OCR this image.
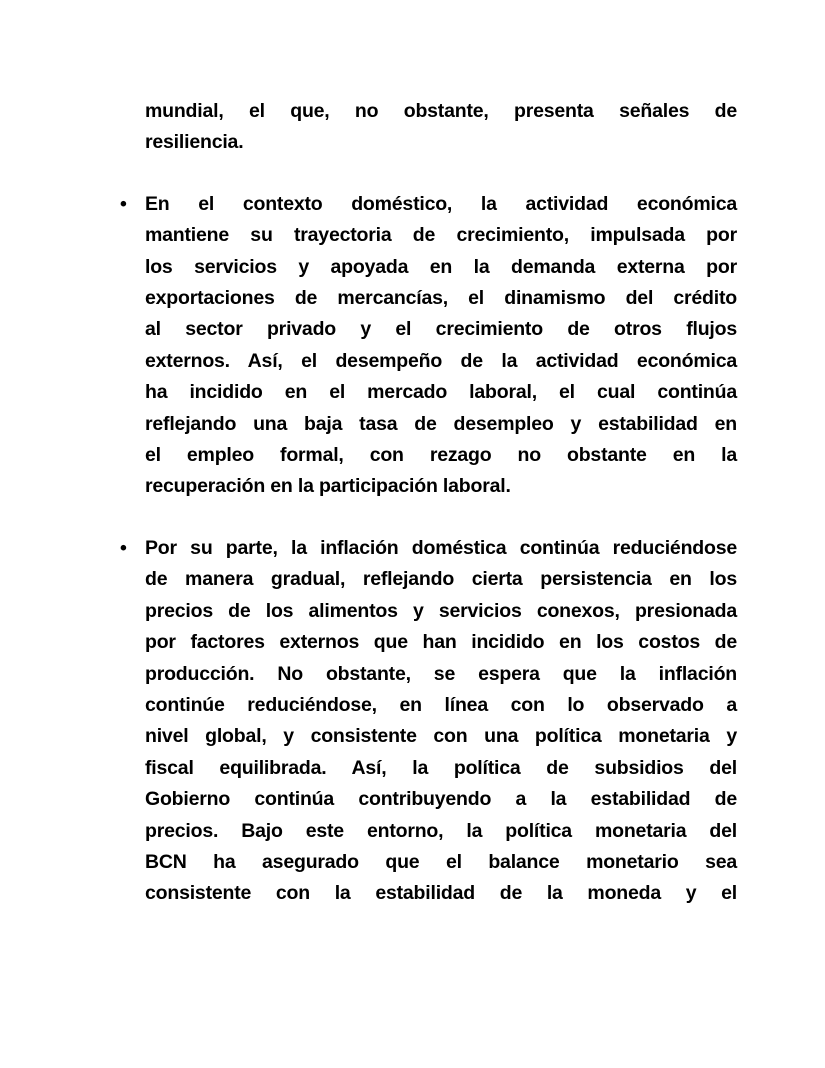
mundial, el que, no obstante, presenta señales de
resiliencia.
• En el contexto doméstico, la actividad económica
mantiene su trayectoria de crecimiento, impulsada por
los servicios y apoyada en la demanda externa por
exportaciones de mercancías, el dinamismo del crédito
al sector privado y el crecimiento de otros flujos
externos. Así, el desempeño de la actividad económica
ha incidido en el mercado laboral, el cual continúa
reflejando una baja tasa de desempleo y estabilidad en
el empleo formal, con rezago no obstante en la
recuperación en la participación laboral.
• Por su parte, la inflación doméstica continúa reduciéndose
de manera gradual, reflejando cierta persistencia en los
precios de los alimentos y servicios conexos, presionada
por factores externos que han incidido en los costos de
producción. No obstante, se espera que la inflación
continúe reduciéndose, en línea con lo observado a
nivel global, y consistente con una política monetaria y
fiscal equilibrada. Así, la política de subsidios del
Gobierno continúa contribuyendo a la estabilidad de
precios. Bajo este entorno, la política monetaria del
BCN ha asegurado que el balance monetario sea
consistente con la estabilidad de la moneda y el
